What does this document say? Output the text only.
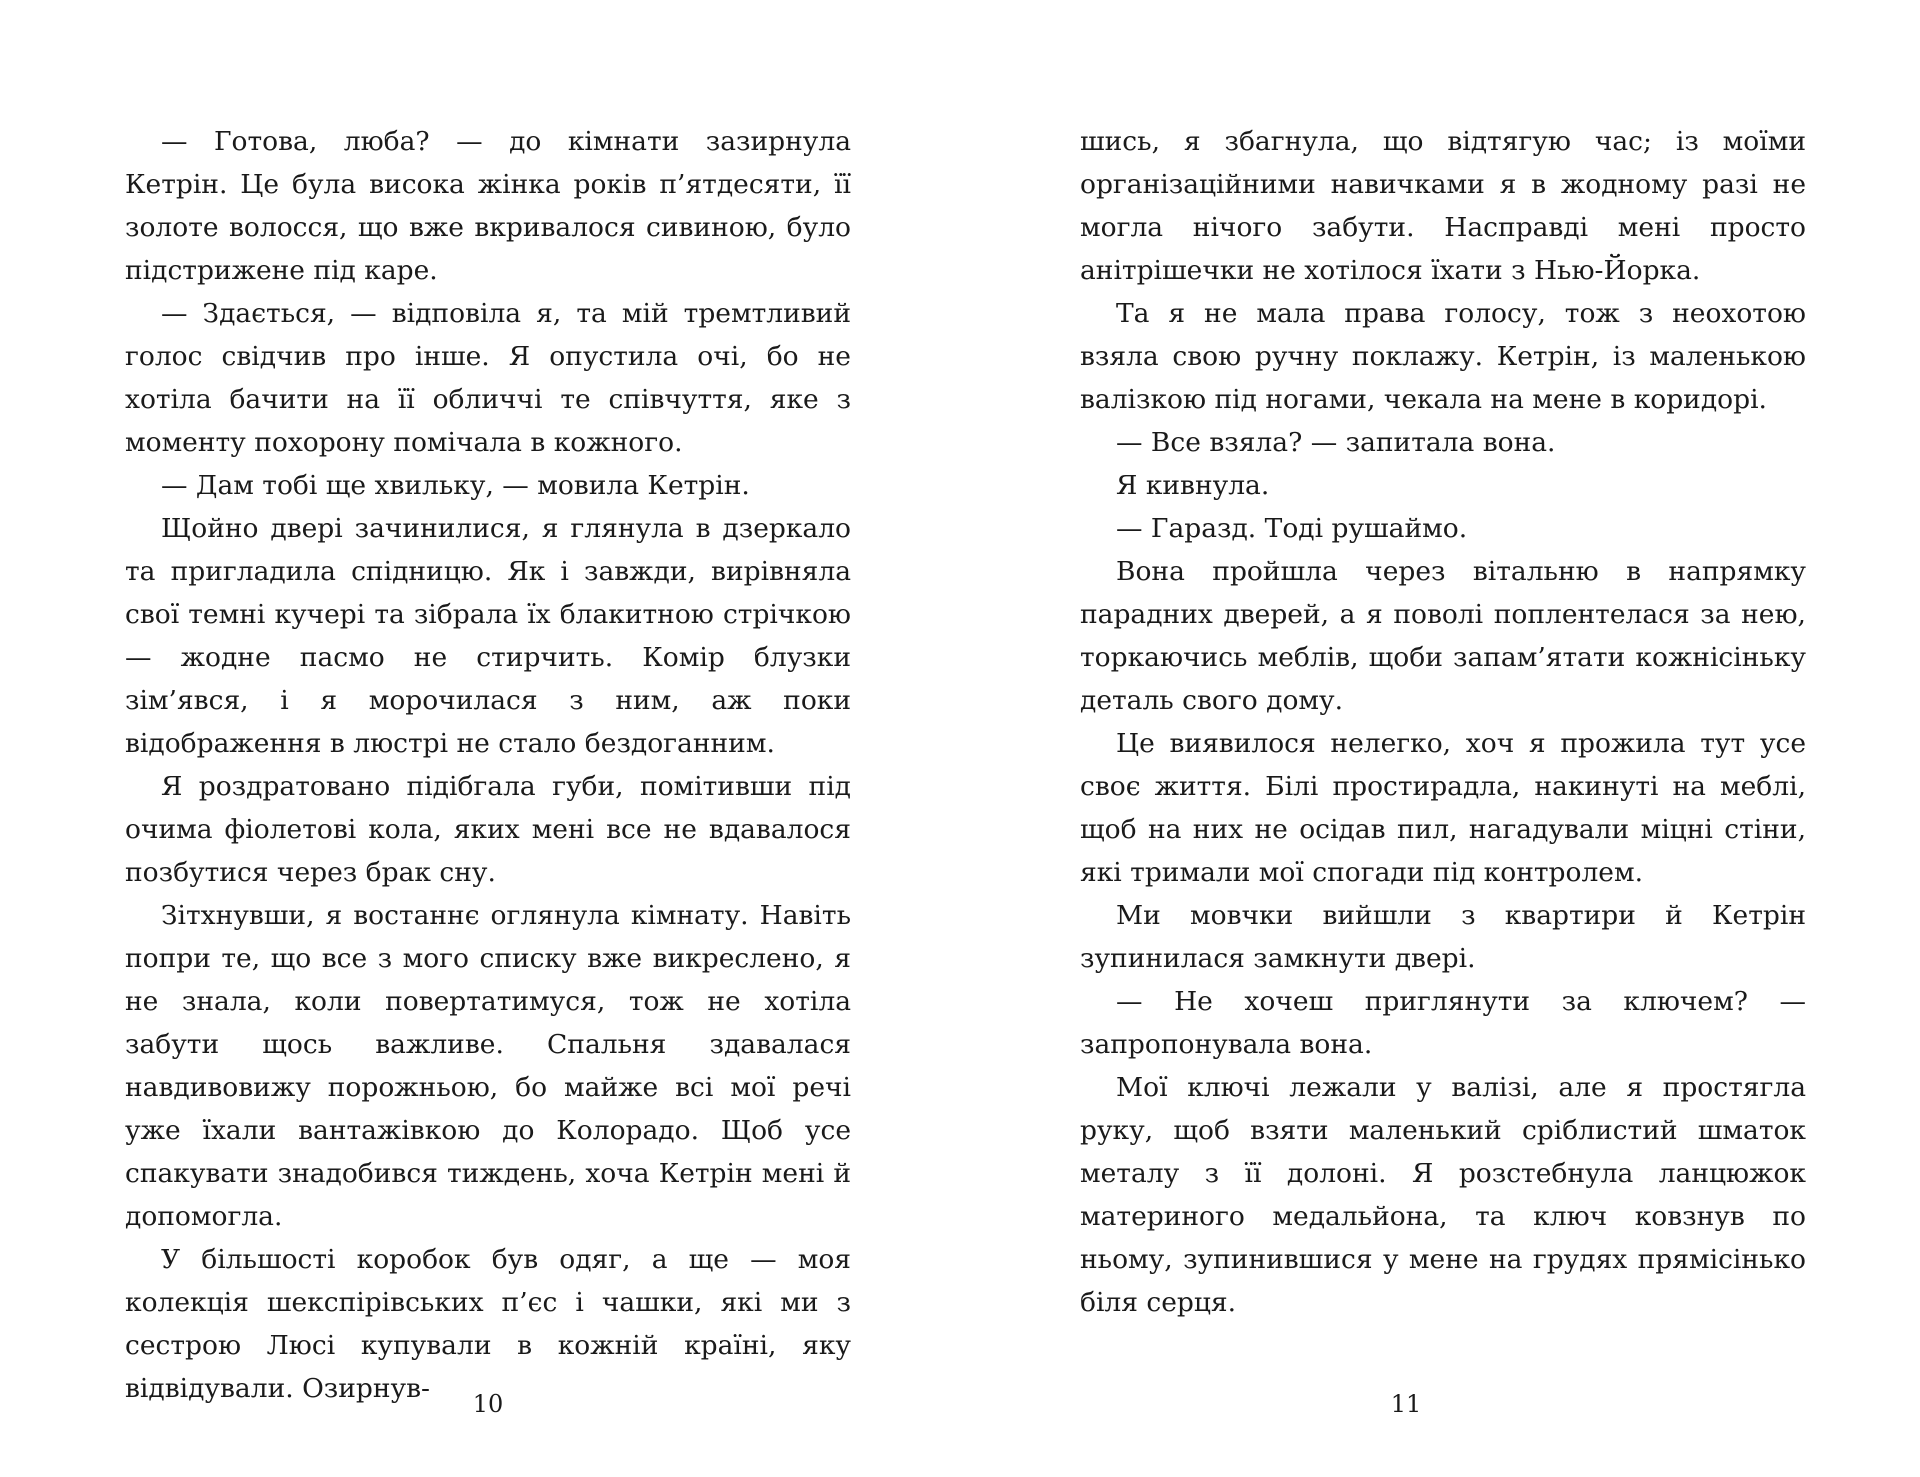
— Готова, люба? — до кімнати зазирнула Кетрін. Це була висока жінка років п’ятдесяти, її золоте волосся, що вже вкривалося сивиною, було підстрижене під каре.

— Здається, — відповіла я, та мій тремтливий голос свідчив про інше. Я опустила очі, бо не хотіла бачити на її обличчі те співчуття, яке з моменту похорону помічала в кожного.

— Дам тобі ще хвильку, — мовила Кетрін.

Щойно двері зачинилися, я глянула в дзеркало та пригладила спідницю. Як і завжди, вирівняла свої темні кучері та зібрала їх блакитною стрічкою — жодне пасмо не стирчить. Комір блузки зім’явся, і я морочилася з ним, аж поки відображення в люстрі не стало бездоганним.

Я роздратовано підібгала губи, помітивши під очима фіолетові кола, яких мені все не вдавалося позбутися через брак сну.

Зітхнувши, я востаннє оглянула кімнату. Навіть попри те, що все з мого списку вже викреслено, я не знала, коли повертатимуся, тож не хотіла забути щось важливе. Спальня здавалася навдивовижу порожньою, бо майже всі мої речі уже їхали вантажівкою до Колорадо. Щоб усе спакувати знадобився тиждень, хоча Кетрін мені й допомогла.

У більшості коробок був одяг, а ще — моя колекція шекспірівських п’єс і чашки, які ми з сестрою Люсі купували в кожній країні, яку відвідували. Озирнув-	10

шись, я збагнула, що відтягую час; із моїми організаційними навичками я в жодному разі не могла нічого забути. Насправді мені просто анітрішечки не хотілося їхати з Нью-Йорка.

Та я не мала права голосу, тож з неохотою взяла свою ручну поклажу. Кетрін, із маленькою валізкою під ногами, чекала на мене в коридорі.

— Все взяла? — запитала вона.

Я кивнула.

— Гаразд. Тоді рушаймо.

Вона пройшла через вітальню в напрямку парадних дверей, а я поволі поплентелася за нею, торкаючись меблів, щоби запам’ятати кожнісіньку деталь свого дому.

Це виявилося нелегко, хоч я прожила тут усе своє життя. Білі простирадла, накинуті на меблі, щоб на них не осідав пил, нагадували міцні стіни, які тримали мої спогади під контролем.

Ми мовчки вийшли з квартири й Кетрін зупинилася замкнути двері.

— Не хочеш приглянути за ключем? — запропонувала вона.

Мої ключі лежали у валізі, але я простягла руку, щоб взяти маленький сріблистий шматок металу з її долоні. Я розстебнула ланцюжок материного медальйона, та ключ ковзнув по ньому, зупинившися у мене на грудях прямісінько біля серця.

11
